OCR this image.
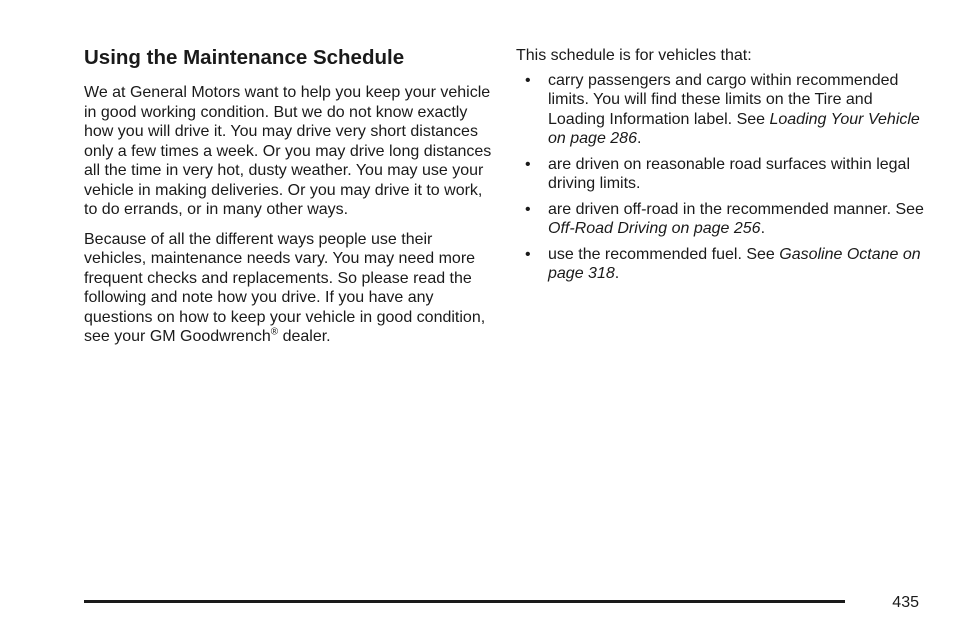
Using the Maintenance Schedule

We at General Motors want to help you keep your vehicle in good working condition. But we do not know exactly how you will drive it. You may drive very short distances only a few times a week. Or you may drive long distances all the time in very hot, dusty weather. You may use your vehicle in making deliveries. Or you may drive it to work, to do errands, or in many other ways.

Because of all the different ways people use their vehicles, maintenance needs vary. You may need more frequent checks and replacements. So please read the following and note how you drive. If you have any questions on how to keep your vehicle in good condition, see your GM Goodwrench® dealer.

This schedule is for vehicles that:

• carry passengers and cargo within recommended limits. You will find these limits on the Tire and Loading Information label. See Loading Your Vehicle on page 286.
• are driven on reasonable road surfaces within legal driving limits.
• are driven off-road in the recommended manner. See Off-Road Driving on page 256.
• use the recommended fuel. See Gasoline Octane on page 318.
435
